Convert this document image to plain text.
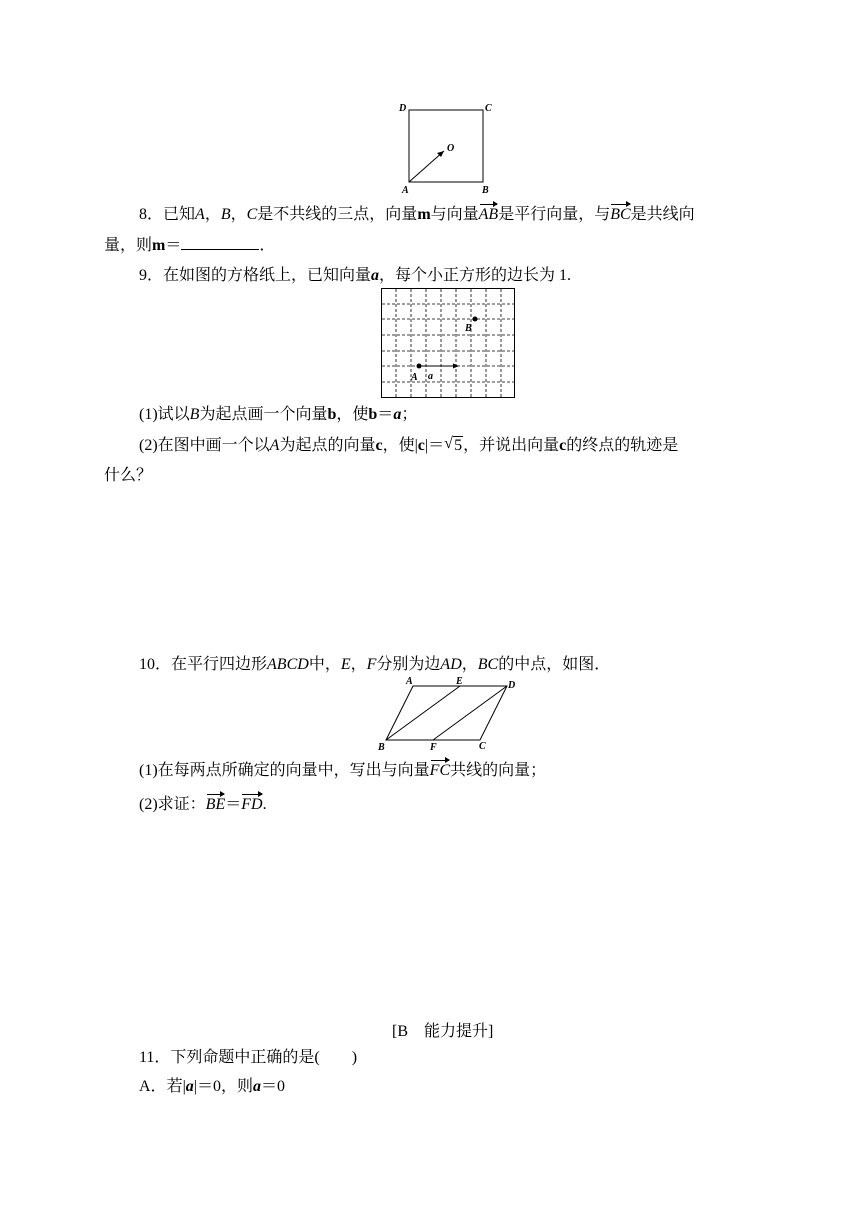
D	C
O
A	B
8．已知A，B，C是不共线的三点，向量m与向量AB是平行向量，与BC是共线向
量，则m＝	．
9．在如图的方格纸上，已知向量a，每个小正方形的边长为 1.
B
A a
(1)试以B为起点画一个向量b，使b＝a；
(2)在图中画一个以A为起点的向量c，使|c|＝ √ 5，并说出向量c的终点的轨迹是
什么？
10．在平行四边形ABCD中，E，F分别为边AD，BC的中点，如图．
A	E	D
B	F	C
(1)在每两点所确定的向量中，写出与向量FC共线的向量；
(2)求证：BE＝FD.
[B　能力提升]
11．下列命题中正确的是(　　)
A．若|a|＝0，则a＝0
